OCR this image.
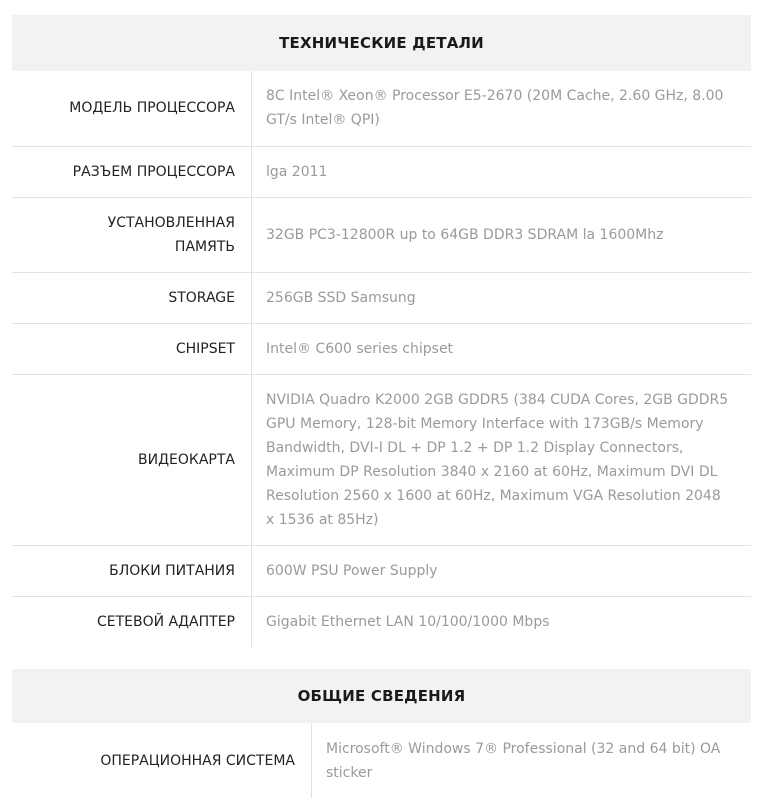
ТЕХНИЧЕСКИЕ ДЕТАЛИ
МОДЕЛЬ ПРОЦЕССОРА	8C Intel® Xeon® Processor E5-2670 (20M Cache, 2.60 GHz, 8.00 GT/s Intel® QPI)
РАЗЪЕМ ПРОЦЕССОРА	lga 2011
УСТАНОВЛЕННАЯ ПАМЯТЬ	32GB PC3-12800R up to 64GB DDR3 SDRAM la 1600Mhz
STORAGE	256GB SSD Samsung
CHIPSET	Intel® C600 series chipset
ВИДЕОКАРТА	NVIDIA Quadro K2000 2GB GDDR5 (384 CUDA Cores, 2GB GDDR5 GPU Memory, 128-bit Memory Interface with 173GB/s Memory Bandwidth, DVI-I DL + DP 1.2 + DP 1.2 Display Connectors, Maximum DP Resolution 3840 x 2160 at 60Hz, Maximum DVI DL Resolution 2560 x 1600 at 60Hz, Maximum VGA Resolution 2048 x 1536 at 85Hz)
БЛОКИ ПИТАНИЯ	600W PSU Power Supply
СЕТЕВОЙ АДАПТЕР	Gigabit Ethernet LAN 10/100/1000 Mbps
ОБЩИЕ СВЕДЕНИЯ
ОПЕРАЦИОННАЯ СИСТЕМА	Microsoft® Windows 7® Professional (32 and 64 bit) OA sticker
